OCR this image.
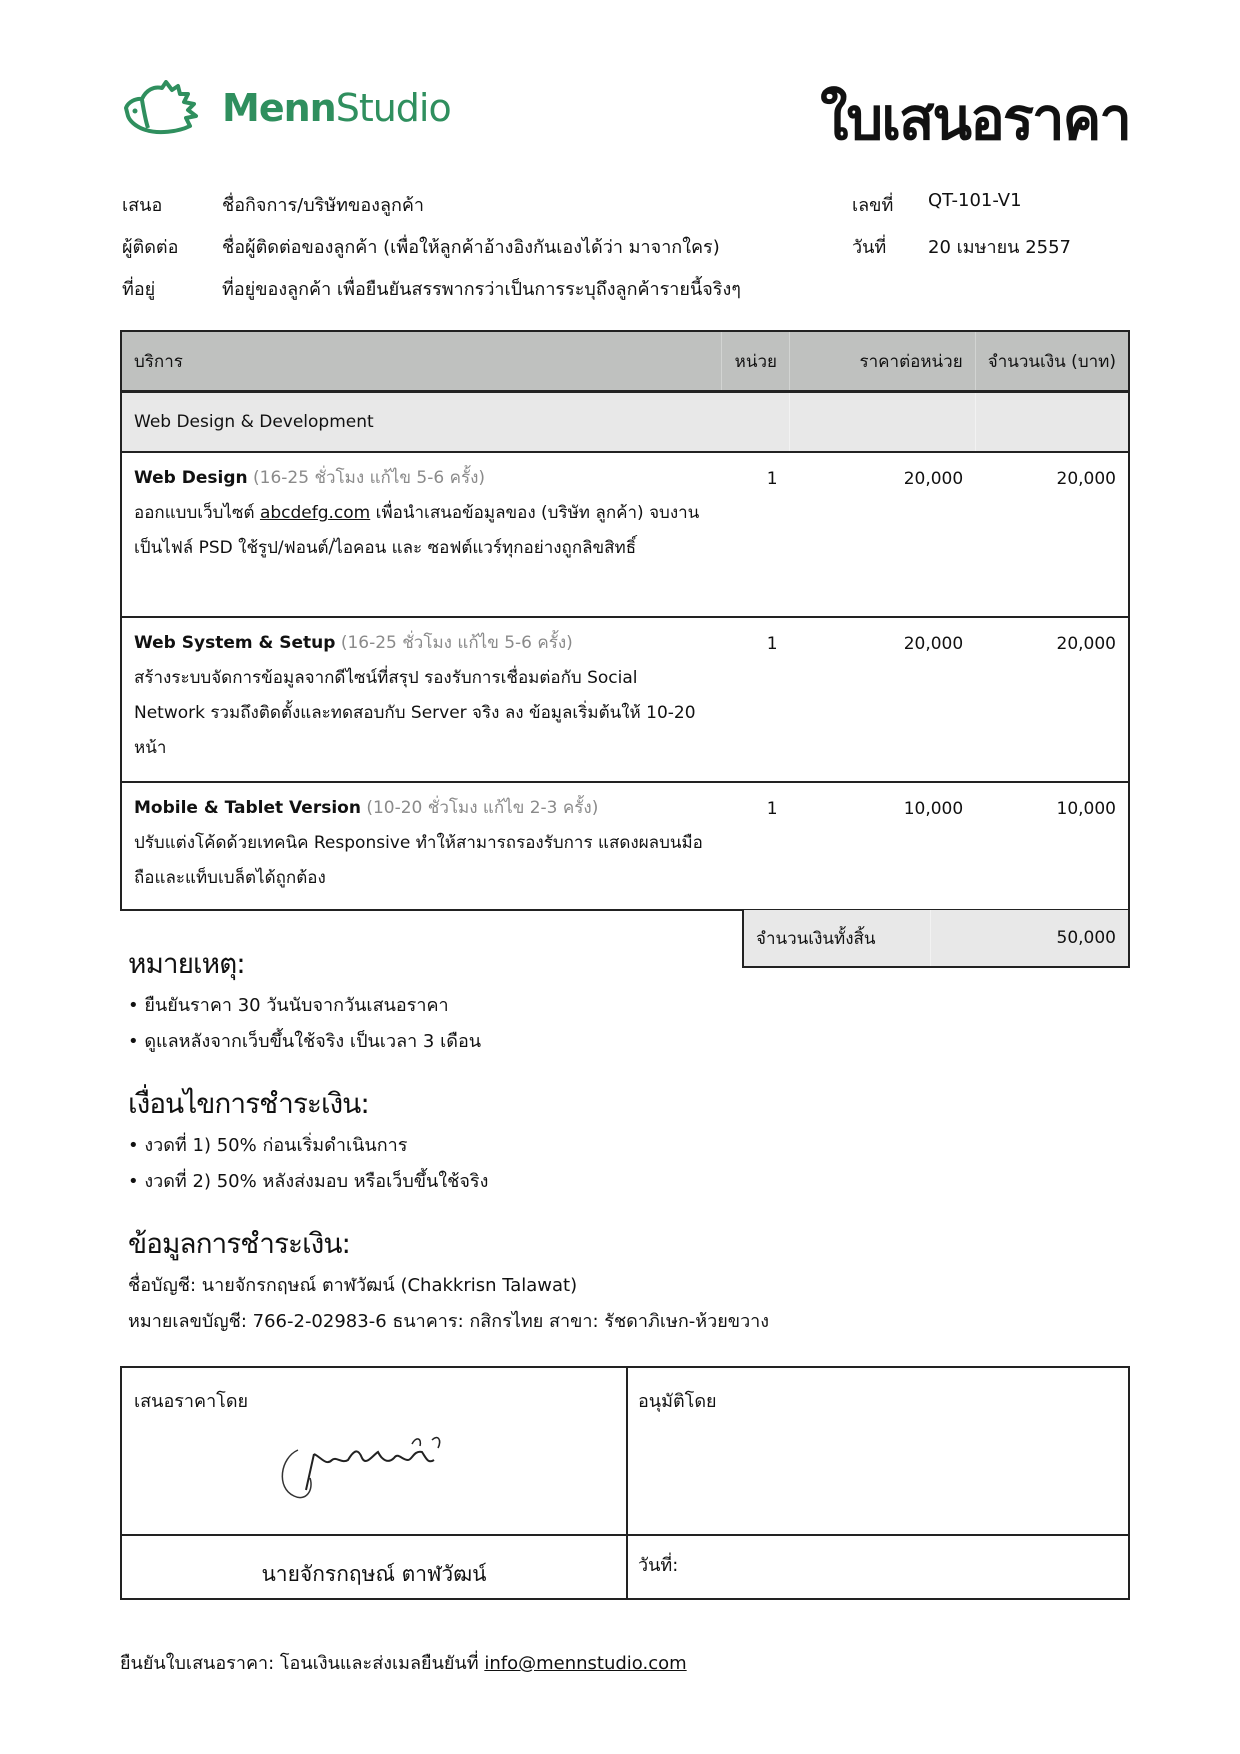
MennStudio	ใบเสนอราคา
เสนอ	ชื่อกิจการ/บริษัทของลูกค้า
ผู้ติดต่อ	ชื่อผู้ติดต่อของลูกค้า (เพื่อให้ลูกค้าอ้างอิงกันเองได้ว่า มาจากใคร)
ที่อยู่	ที่อยู่ของลูกค้า เพื่อยืนยันสรรพากรว่าเป็นการระบุถึงลูกค้ารายนี้จริงๆ
เลขที่	QT-101-V1
วันที่	20 เมษายน 2557
บริการ	หน่วย	ราคาต่อหน่วย	จำนวนเงิน (บาท)
Web Design & Development			
Web Design (16-25 ชั่วโมง แก้ไข 5-6 ครั้ง)
ออกแบบเว็บไซต์ abcdefg.com เพื่อนำเสนอข้อมูลของ (บริษัท ลูกค้า) จบงานเป็นไฟล์ PSD ใช้รูป/ฟอนต์/ไอคอน และ ซอฟต์แวร์ทุกอย่างถูกลิขสิทธิ์	1	20,000	20,000
Web System & Setup (16-25 ชั่วโมง แก้ไข 5-6 ครั้ง)
สร้างระบบจัดการข้อมูลจากดีไซน์ที่สรุป รองรับการเชื่อมต่อกับ Social Network รวมถึงติดตั้งและทดสอบกับ Server จริง ลง ข้อมูลเริ่มต้นให้ 10-20 หน้า	1	20,000	20,000
Mobile & Tablet Version (10-20 ชั่วโมง แก้ไข 2-3 ครั้ง)
ปรับแต่งโค้ดด้วยเทคนิค Responsive ทำให้สามารถรองรับการ แสดงผลบนมือถือและแท็บเบล็ตได้ถูกต้อง	1	10,000	10,000
จำนวนเงินทั้งสิ้น	50,000
หมายเหตุ:
• ยืนยันราคา 30 วันนับจากวันเสนอราคา
• ดูแลหลังจากเว็บขึ้นใช้จริง เป็นเวลา 3 เดือน
เงื่อนไขการชำระเงิน:
• งวดที่ 1) 50% ก่อนเริ่มดำเนินการ
• งวดที่ 2) 50% หลังส่งมอบ หรือเว็บขึ้นใช้จริง
ข้อมูลการชำระเงิน:
ชื่อบัญชี: นายจักรกฤษณ์ ตาฬวัฒน์ (Chakkrisn Talawat)
หมายเลขบัญชี: 766-2-02983-6 ธนาคาร: กสิกรไทย สาขา: รัชดาภิเษก-ห้วยขวาง
เสนอราคาโดย	อนุมัติโดย
นายจักรกฤษณ์ ตาฬวัฒน์	วันที่:
ยืนยันใบเสนอราคา: โอนเงินและส่งเมลยืนยันที่ info@mennstudio.com
